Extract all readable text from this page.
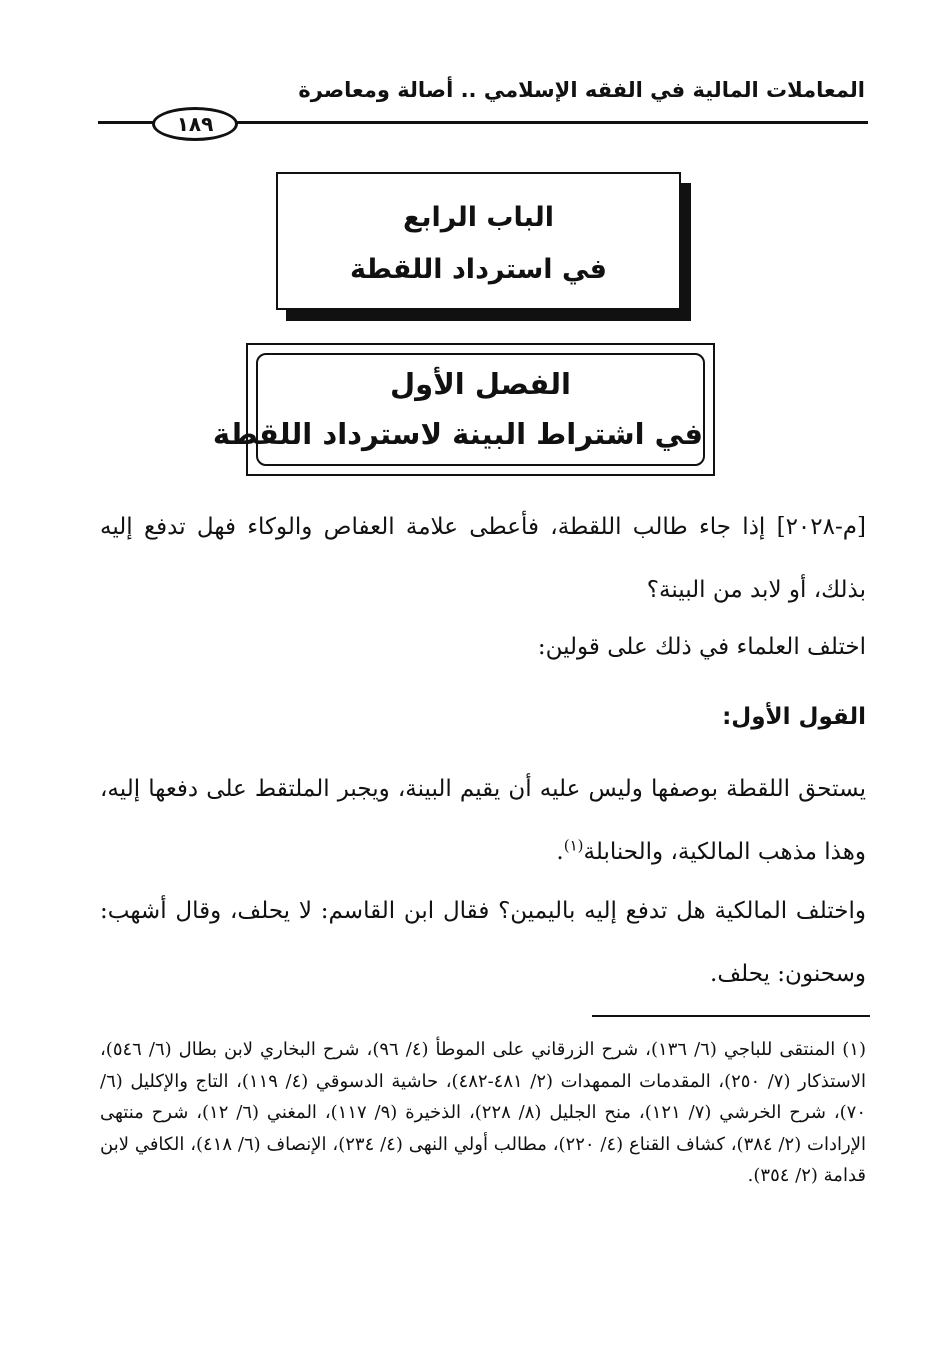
المعاملات المالية في الفقه الإسلامي .. أصالة ومعاصرة
١٨٩
الباب الرابع
في استرداد اللقطة
الفصل الأول
في اشتراط البينة لاسترداد اللقطة
[م-٢٠٢٨] إذا جاء طالب اللقطة، فأعطى علامة العفاص والوكاء فهل تدفع إليه بذلك، أو لابد من البينة؟
اختلف العلماء في ذلك على قولين:
القول الأول:
يستحق اللقطة بوصفها وليس عليه أن يقيم البينة، ويجبر الملتقط على دفعها إليه، وهذا مذهب المالكية، والحنابلة$^{(١)}$.
واختلف المالكية هل تدفع إليه باليمين؟ فقال ابن القاسم: لا يحلف، وقال أشهب: وسحنون: يحلف.
(١) المنتقى للباجي (٦/ ١٣٦)، شرح الزرقاني على الموطأ (٤/ ٩٦)، شرح البخاري لابن بطال (٦/ ٥٤٦)، الاستذكار (٧/ ٢٥٠)، المقدمات الممهدات (٢/ ٤٨١-٤٨٢)، حاشية الدسوقي (٤/ ١١٩)، التاج والإكليل (٦/ ٧٠)، شرح الخرشي (٧/ ١٢١)، منح الجليل (٨/ ٢٢٨)، الذخيرة (٩/ ١١٧)، المغني (٦/ ١٢)، شرح منتهى الإرادات (٢/ ٣٨٤)، كشاف القناع (٤/ ٢٢٠)، مطالب أولي النهى (٤/ ٢٣٤)، الإنصاف (٦/ ٤١٨)، الكافي لابن قدامة (٢/ ٣٥٤).
